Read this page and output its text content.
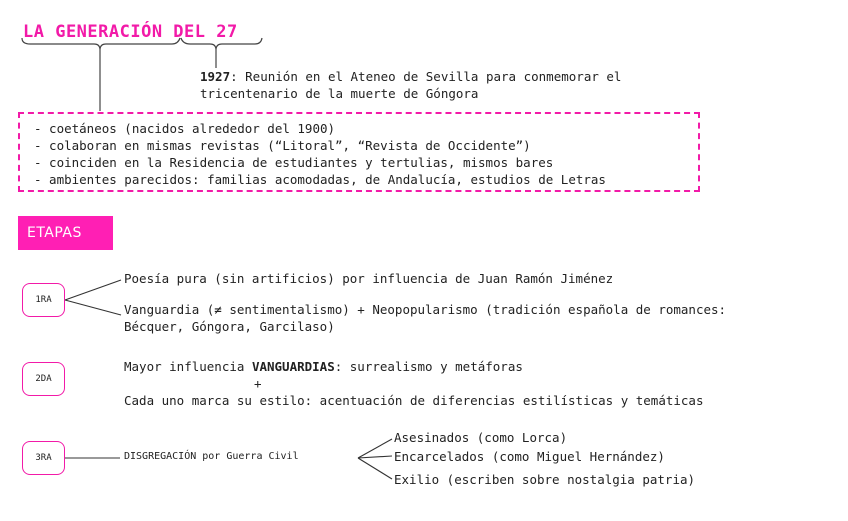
LA GENERACIÓN DEL 27
1927: Reunión en el Ateneo de Sevilla para conmemorar el
tricentenario de la muerte de Góngora
- coetáneos (nacidos alrededor del 1900)
- colaboran en mismas revistas (“Litoral”, “Revista de Occidente”)
- coinciden en la Residencia de estudiantes y tertulias, mismos bares
- ambientes parecidos: familias acomodadas, de Andalucía, estudios de Letras
ETAPAS
1RA
Poesía pura (sin artificios) por influencia de Juan Ramón Jiménez
Vanguardia (≠ sentimentalismo) + Neopopularismo (tradición española de romances:
Bécquer, Góngora, Garcilaso)
2DA
Mayor influencia VANGUARDIAS: surrealismo y metáforas
+
Cada uno marca su estilo: acentuación de diferencias estilísticas y temáticas
3RA	DISGREGACIÓN por Guerra Civil
Asesinados (como Lorca)
Encarcelados (como Miguel Hernández)
Exilio (escriben sobre nostalgia patria)
